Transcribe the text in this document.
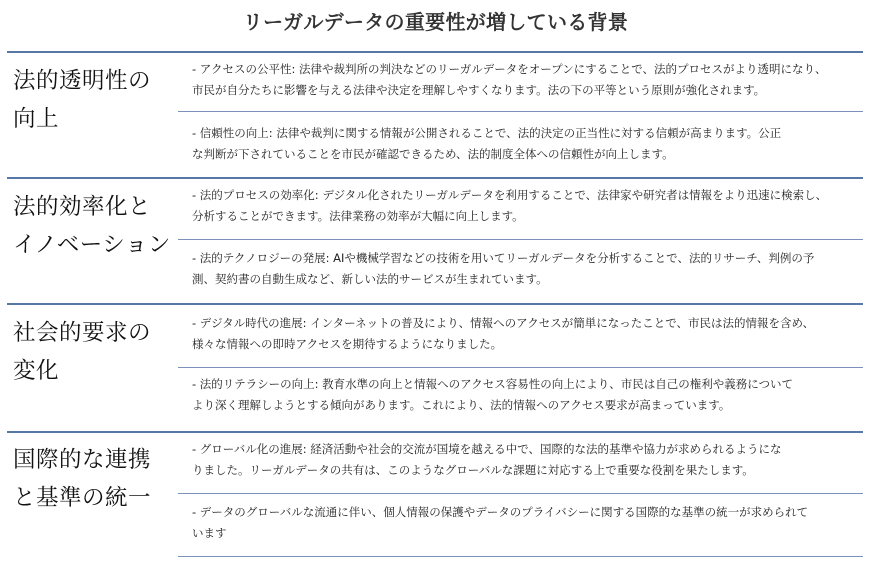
リーガルデータの重要性が増している背景
法的透明性の
向上

- アクセスの公平性: 法律や裁判所の判決などのリーガルデータをオープンにすることで、法的プロセスがより透明になり、

市民が自分たちに影響を与える法律や決定を理解しやすくなります。法の下の平等という原則が強化されます。

- 信頼性の向上: 法律や裁判に関する情報が公開されることで、法的決定の正当性に対する信頼が高まります。公正

な判断が下されていることを市民が確認できるため、法的制度全体への信頼性が向上します。

法的効率化と
イノベーション

- 法的プロセスの効率化: デジタル化されたリーガルデータを利用することで、法律家や研究者は情報をより迅速に検索し、

分析することができます。法律業務の効率が大幅に向上します。

- 法的テクノロジーの発展: AIや機械学習などの技術を用いてリーガルデータを分析することで、法的リサーチ、判例の予

測、契約書の自動生成など、新しい法的サービスが生まれています。

社会的要求の
変化

- デジタル時代の進展: インターネットの普及により、情報へのアクセスが簡単になったことで、市民は法的情報を含め、

様々な情報への即時アクセスを期待するようになりました。

- 法的リテラシーの向上: 教育水準の向上と情報へのアクセス容易性の向上により、市民は自己の権利や義務について

より深く理解しようとする傾向があります。これにより、法的情報へのアクセス要求が高まっています。

国際的な連携
と基準の統一

- グローバル化の進展: 経済活動や社会的交流が国境を越える中で、国際的な法的基準や協力が求められるようにな

りました。リーガルデータの共有は、このようなグローバルな課題に対応する上で重要な役割を果たします。

- データのグローバルな流通に伴い、個人情報の保護やデータのプライバシーに関する国際的な基準の統一が求められて

います
